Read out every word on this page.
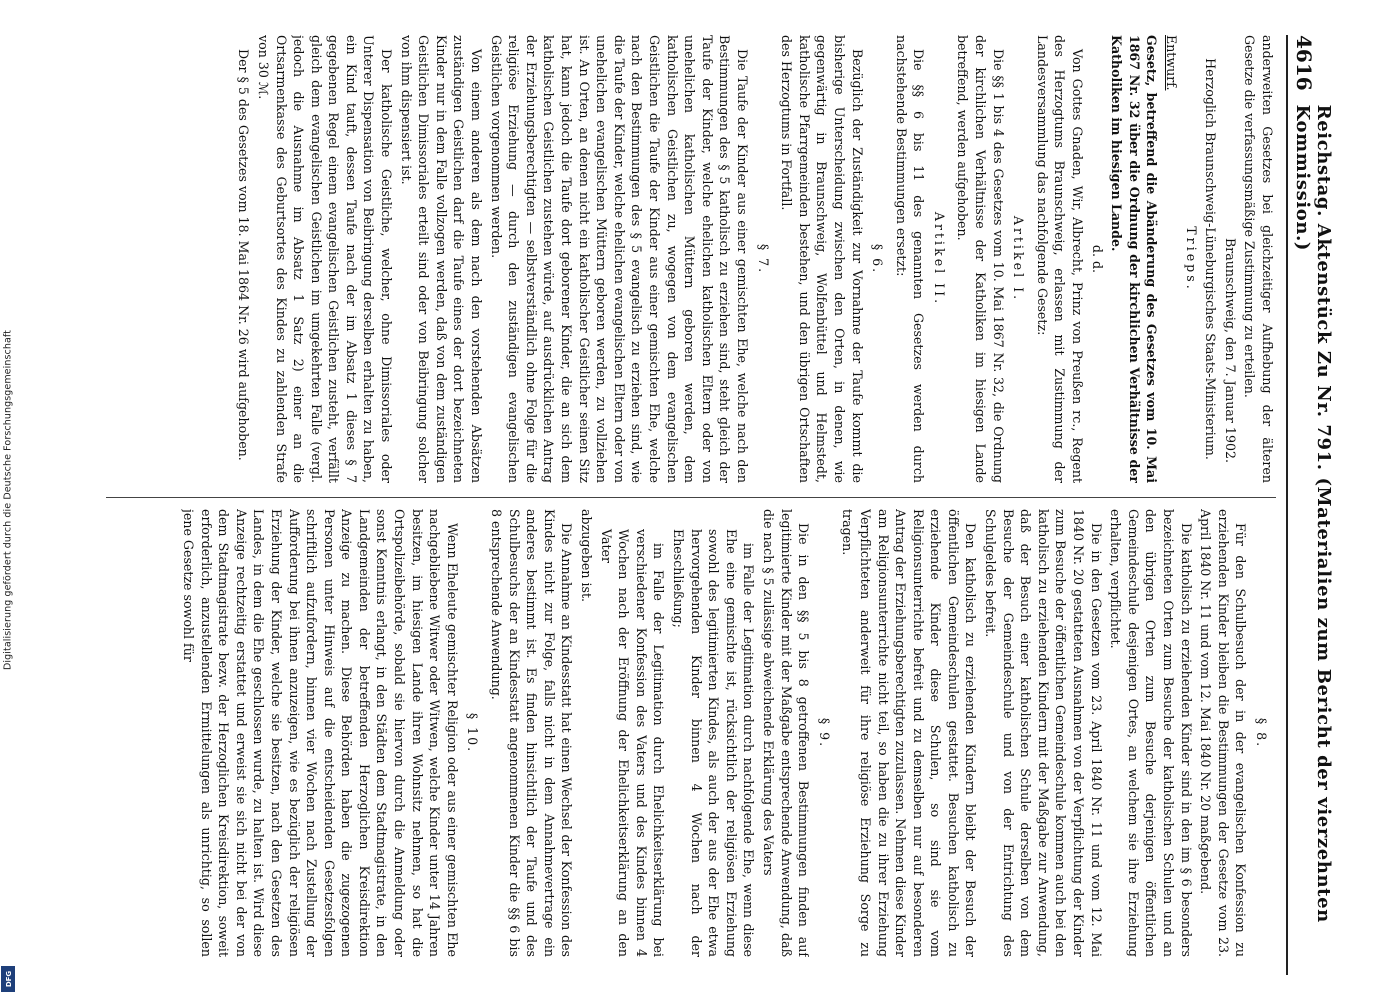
Digitalisierung gefördert durch die Deutsche Forschungsgemeinschaft
DFG
4616
Reichstag. Aktenstück Zu Nr. 791. (Materialien zum Bericht der vierzehnten Kommission.)

anderweiten Gesetzes bei gleichzeitiger Aufhebung der älteren Gesetze die verfassungsmäßige Zustimmung zu erteilen.

Braunschweig, den 7. Januar 1902.

Herzoglich Braunschweig-Lüneburgisches Staats-Ministerium.

Trieps.

Entwurf.

Gesetz, betreffend die Abänderung des Gesetzes vom 10. Mai 1867 Nr. 32 über die Ordnung der kirchlichen Verhältnisse der Katholiken im hiesigen Lande.

d. d.

Von Gottes Gnaden, Wir, Albrecht, Prinz von Preußen rc., Regent des Herzogtums Braunschweig, erlassen mit Zustimmung der Landesversammlung das nachfolgende Gesetz:

Artikel I.

Die §§ 1 bis 4 des Gesetzes vom 10. Mai 1867 Nr. 32, die Ordnung der kirchlichen Verhältnisse der Katholiken im hiesigen Lande betreffend, werden aufgehoben.

Artikel II.

Die §§ 6 bis 11 des genannten Gesetzes werden durch nachstehende Bestimmungen ersetzt:

§ 6.

Bezüglich der Zuständigkeit zur Vornahme der Taufe kommt die bisherige Unterscheidung zwischen den Orten, in denen, wie gegenwärtig in Braunschweig, Wolfenbüttel und Helmstedt, katholische Pfarrgemeinden bestehen, und den übrigen Ortschaften des Herzogtums in Fortfall.

§ 7.

Die Taufe der Kinder aus einer gemischten Ehe, welche nach den Bestimmungen des § 5 katholisch zu erziehen sind, steht gleich der Taufe der Kinder, welche ehelichen katholischen Eltern oder von unehelichen katholischen Müttern geboren werden, dem katholischen Geistlichen zu, wogegen von dem evangelischen Geistlichen die Taufe der Kinder aus einer gemischten Ehe, welche nach den Bestimmungen des § 5 evangelisch zu erziehen sind, wie die Taufe der Kinder, welche ehelichen evangelischen Eltern oder von unehelichen evangelischen Müttern geboren werden, zu vollziehen ist. An Orten, an denen nicht ein katholischer Geistlicher seinen Sitz hat, kann jedoch die Taufe dort geborener Kinder, die an sich dem katholischen Geistlichen zustehen würde, auf ausdrücklichen Antrag der Erziehungsberechtigten — selbstverständlich ohne Folge für die religiöse Erziehung — durch den zuständigen evangelischen Geistlichen vorgenommen werden.

Von einem anderen als dem nach den vorstehenden Absätzen zuständigen Geistlichen darf die Taufe eines der dort bezeichneten Kinder nur in dem Falle vollzogen werden, daß von dem zuständigen Geistlichen Dimissoriales erteilt sind oder von Beibringung solcher von ihm dispensiert ist.

Der katholische Geistliche, welcher, ohne Dimissoriales oder Unterer Dispensation von Beibringung derselben erhalten zu haben, ein Kind tauft, dessen Taufe nach der im Absatz 1 dieses § 7 gegebenen Regel einem evangelischen Geistlichen zusteht, verfällt gleich dem evangelischen Geistlichen im umgekehrten Falle (vergl. jedoch die Ausnahme im Absatz 1 Satz 2) einer an die Ortsarmenkasse des Geburtsortes des Kindes zu zahlenden Strafe von 30 ℳ.

Der § 5 des Gesetzes vom 18. Mai 1864 Nr. 26 wird aufgehoben.

§ 8.

Für den Schulbesuch der in der evangelischen Konfession zu erziehenden Kinder bleiben die Bestimmungen der Gesetze vom 23. April 1840 Nr. 11 und vom 12. Mai 1840 Nr. 20 maßgebend.

Die katholisch zu erziehenden Kinder sind in den im § 6 besonders bezeichneten Orten zum Besuche der katholischen Schulen und an den übrigen Orten zum Besuche derjenigen öffentlichen Gemeindeschule desjenigen Ortes, an welchem sie ihre Erziehung erhalten, verpflichtet.

Die in den Gesetzen vom 23. April 1840 Nr. 11 und vom 12. Mai 1840 Nr. 20 gestatteten Ausnahmen von der Verpflichtung der Kinder zum Besuche der öffentlichen Gemeindeschule kommen auch bei den katholisch zu erziehenden Kindern mit der Maßgabe zur Anwendung, daß der Besuch einer katholischen Schule derselben von dem Besuche der Gemeindeschule und von der Entrichtung des Schulgeldes befreit.

Den katholisch zu erziehenden Kindern bleibt der Besuch der öffentlichen Gemeindeschulen gestattet. Besuchen katholisch zu erziehende Kinder diese Schulen, so sind sie vom Religionsunterrichte befreit und zu demselben nur auf besonderen Antrag der Erziehungsberechtigten zuzulassen. Nehmen diese Kinder am Religionsunterrichte nicht teil, so haben die zu ihrer Erziehung Verpflichteten anderweit für ihre religiöse Erziehung Sorge zu tragen.

§ 9.

Die in den §§ 5 bis 8 getroffenen Bestimmungen finden auf legitimierte Kinder mit der Maßgabe entsprechende Anwendung, daß die nach § 5 zulässige abweichende Erklärung des Vaters

im Falle der Legitimation durch nachfolgende Ehe, wenn diese Ehe eine gemischte ist, rücksichtlich der religiösen Erziehung sowohl des legitimierten Kindes, als auch der aus der Ehe etwa hervorgehenden Kinder binnen 4 Wochen nach der Eheschließung;

im Falle der Legitimation durch Ehelichkeitserklärung bei verschiedener Konfession des Vaters und des Kindes binnen 4 Wochen nach der Eröffnung der Ehelichkeitserklärung an den Vater

abzugeben ist.

Die Annahme an Kindesstatt hat einen Wechsel der Konfession des Kindes nicht zur Folge, falls nicht in dem Annahmevertrage ein anderes bestimmt ist. Es finden hinsichtlich der Taufe und des Schulbesuchs der an Kindesstatt angenommenen Kinder die §§ 6 bis 8 entsprechende Anwendung.

§ 10.

Wenn Eheleute gemischter Religion oder aus einer gemischten Ehe nachgebliebene Witwer oder Witwen, welche Kinder unter 14 Jahren besitzen, im hiesigen Lande ihren Wohnsitz nehmen, so hat die Ortspolizeibehörde, sobald sie hiervon durch die Anmeldung oder sonst Kenntnis erlangt, in den Städten dem Stadtmagistrate, in den Landgemeinden der betreffenden Herzoglichen Kreisdirektion Anzeige zu machen. Diese Behörden haben die zugezogenen Personen unter Hinweis auf die entscheidenden Gesetzesfolgen schriftlich aufzufordern, binnen vier Wochen nach Zustellung der Aufforderung bei ihnen anzuzeigen, wie es bezüglich der religiösen Erziehung der Kinder, welche sie besitzen, nach den Gesetzen des Landes, in dem die Ehe geschlossen wurde, zu halten ist. Wird diese Anzeige rechtzeitig erstattet und erweist sie sich nicht bei der von dem Stadtmagistrate bezw. der Herzoglichen Kreisdirektion, soweit erforderlich, anzustellenden Ermittelungen als unrichtig, so sollen jene Gesetze sowohl für
